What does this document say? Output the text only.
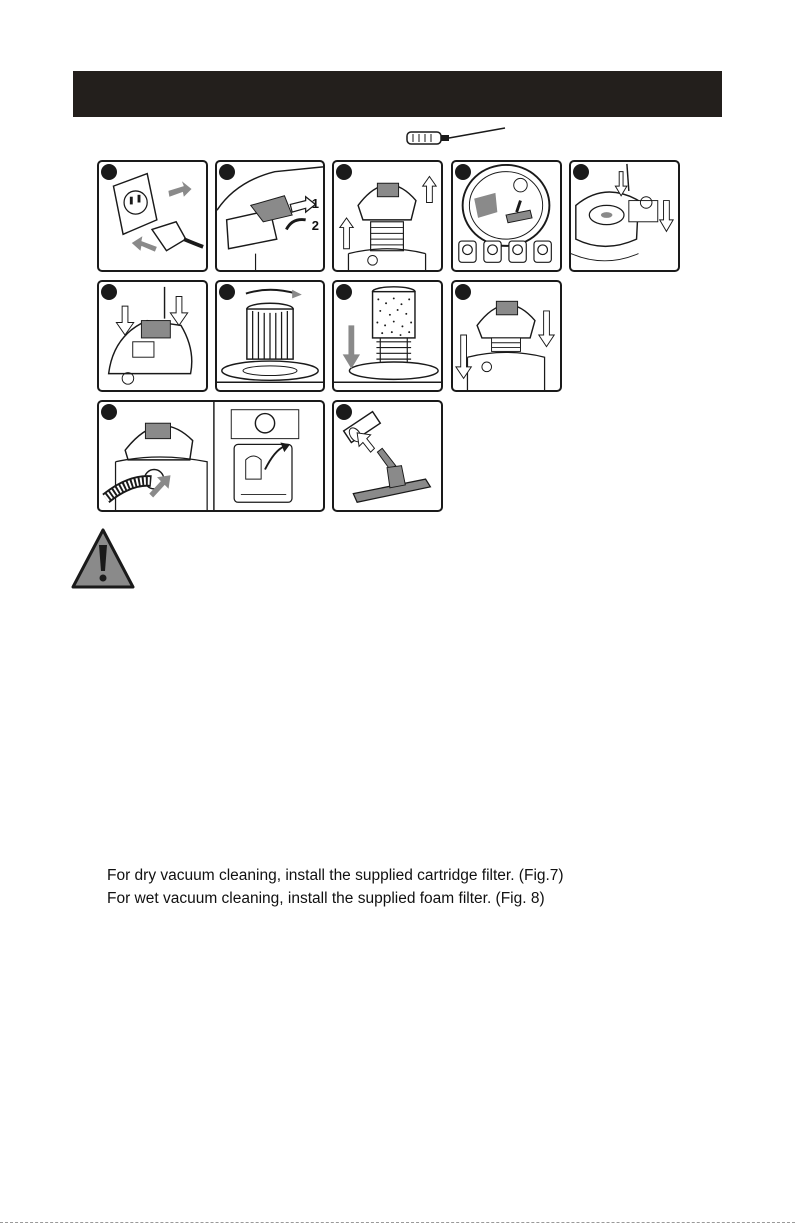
1
2
For dry vacuum cleaning, install the supplied cartridge filter. (Fig.7)
For wet vacuum cleaning, install the supplied foam filter. (Fig. 8)
